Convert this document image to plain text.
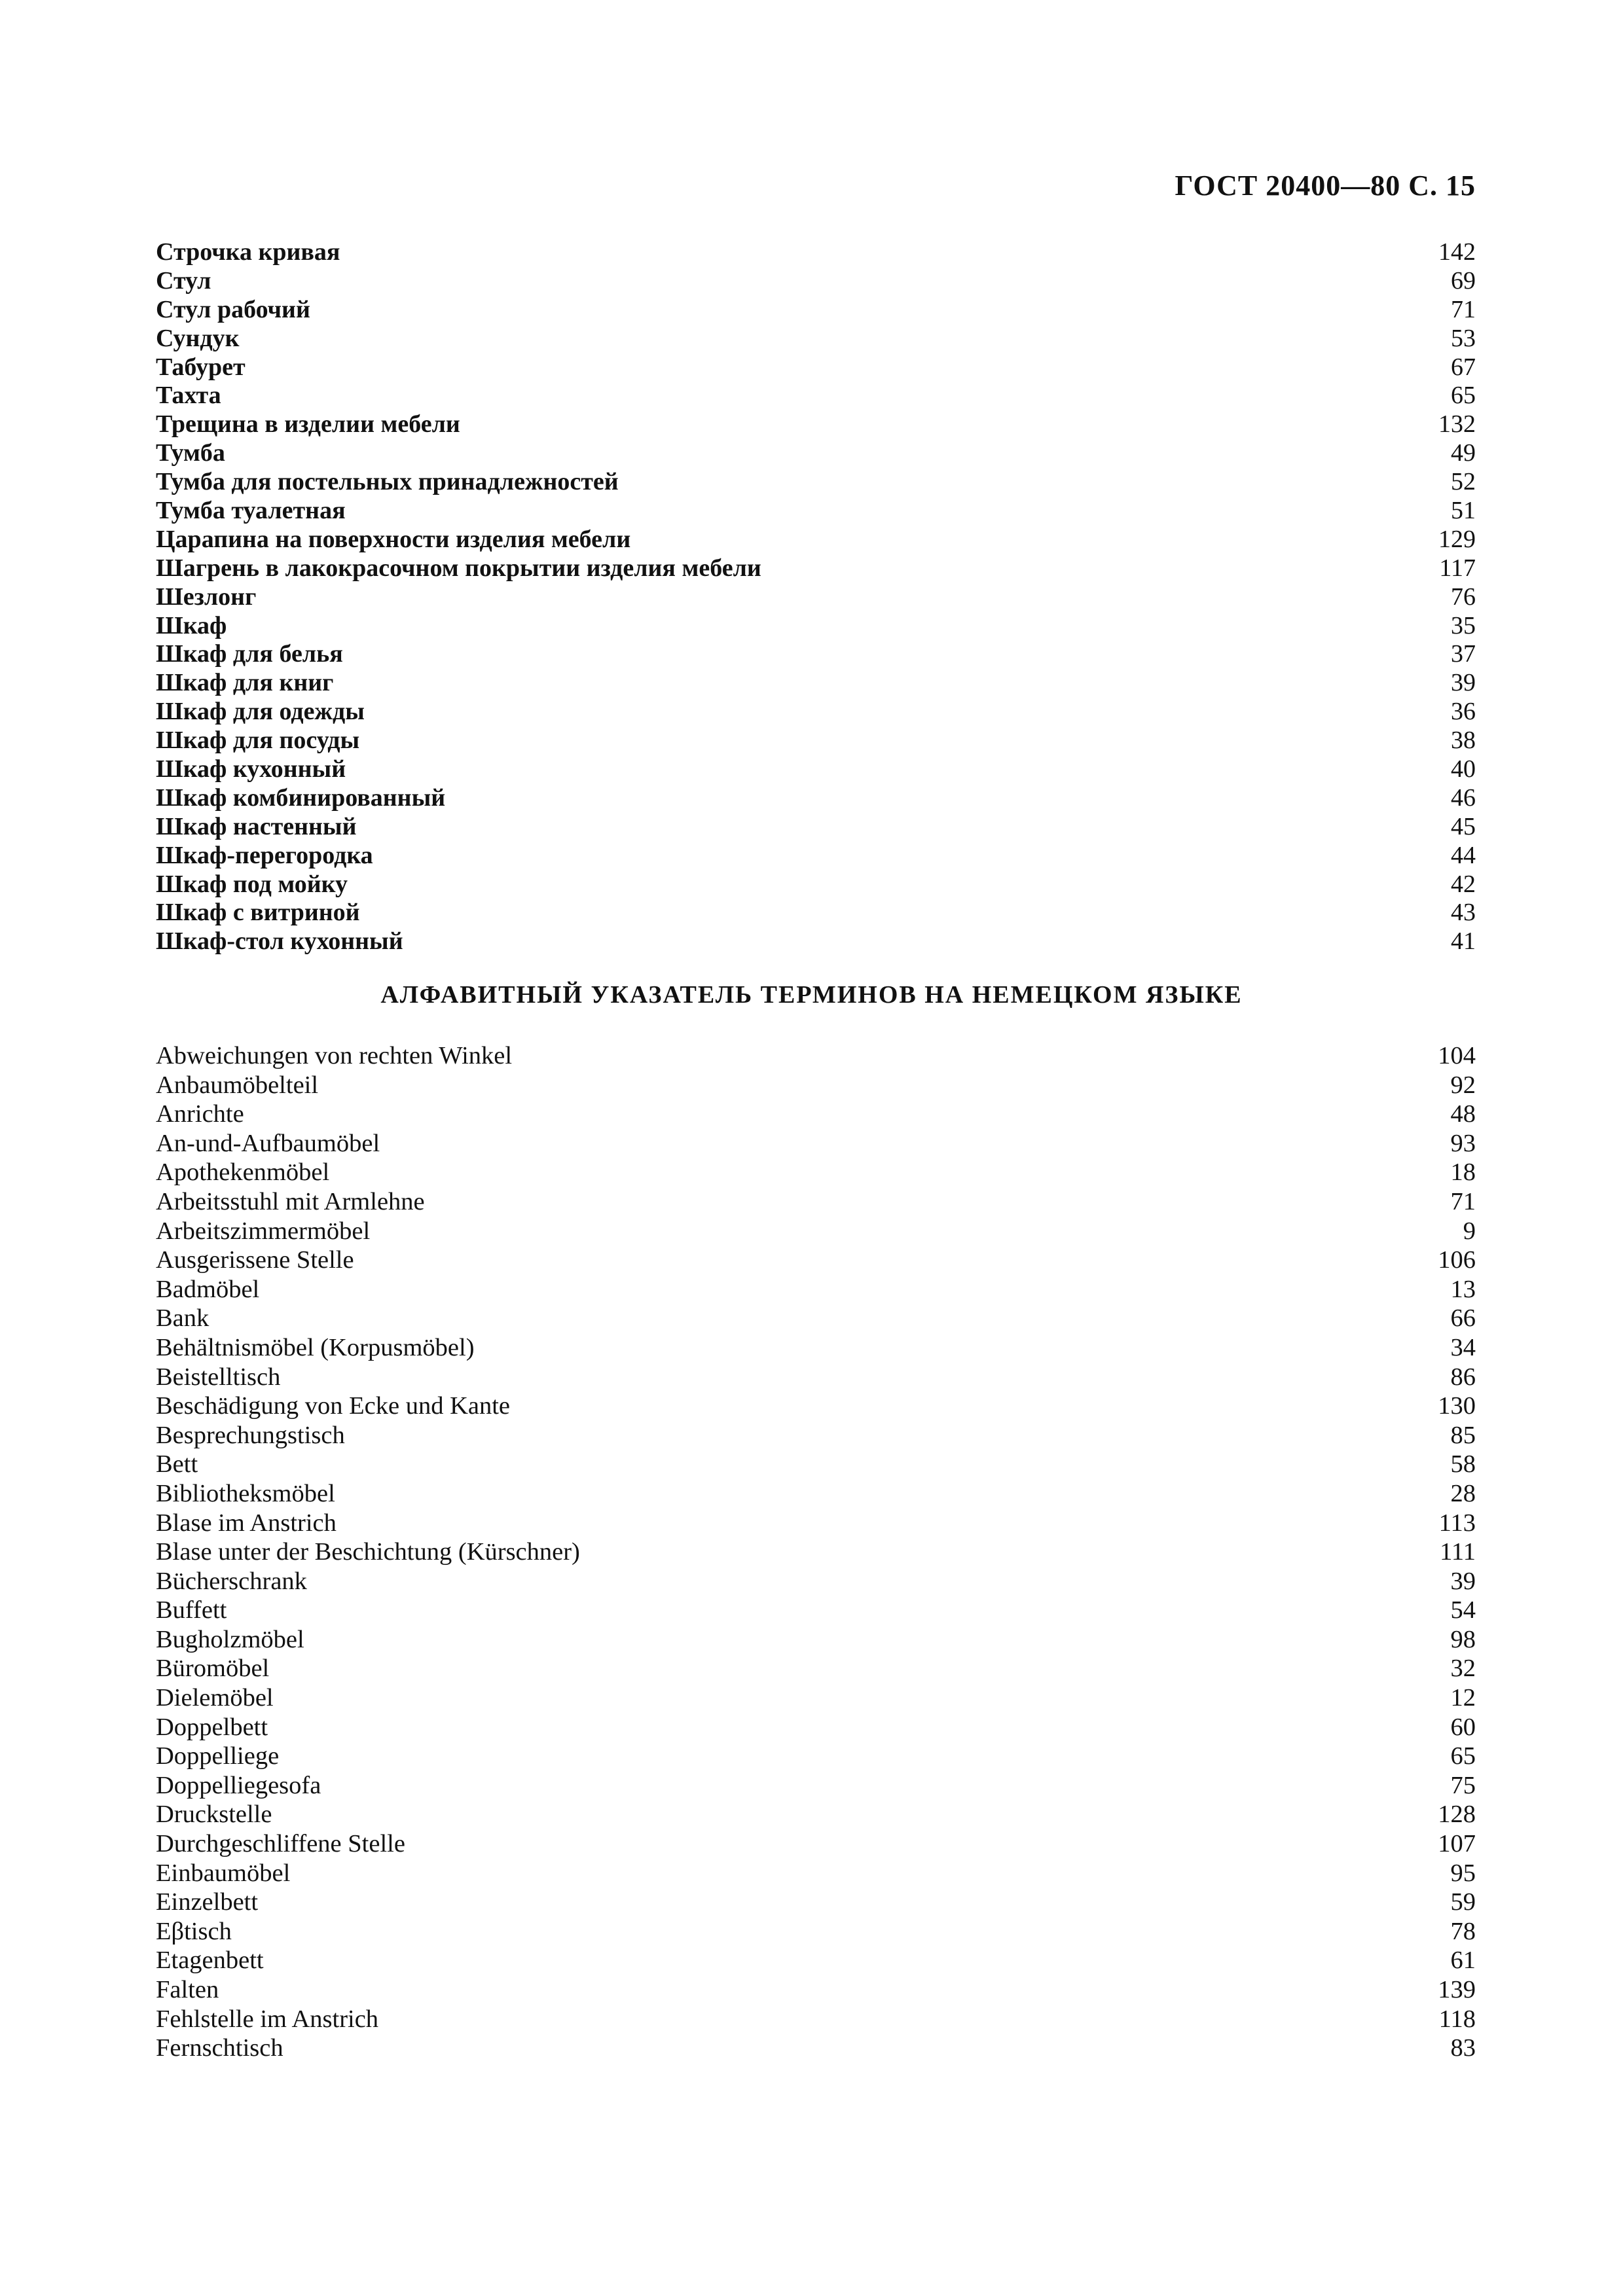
ГОСТ 20400—80 С. 15
Строчка кривая	142
Стул	69
Стул рабочий	71
Сундук	53
Табурет	67
Тахта	65
Трещина в изделии мебели	132
Тумба	49
Тумба для постельных принадлежностей	52
Тумба туалетная	51
Царапина на поверхности изделия мебели	129
Шагрень в лакокрасочном покрытии изделия мебели	117
Шезлонг	76
Шкаф	35
Шкаф для белья	37
Шкаф для книг	39
Шкаф для одежды	36
Шкаф для посуды	38
Шкаф кухонный	40
Шкаф комбинированный	46
Шкаф настенный	45
Шкаф-перегородка	44
Шкаф под мойку	42
Шкаф с витриной	43
Шкаф-стол кухонный	41
АЛФАВИТНЫЙ УКАЗАТЕЛЬ ТЕРМИНОВ НА НЕМЕЦКОМ ЯЗЫКЕ
Abweichungen von rechten Winkel	104
Anbaumöbelteil	92
Anrichte	48
An-und-Aufbaumöbel	93
Apothekenmöbel	18
Arbeitsstuhl mit Armlehne	71
Arbeitszimmermöbel	9
Ausgerissene Stelle	106
Badmöbel	13
Bank	66
Behältnismöbel (Korpusmöbel)	34
Beistelltisch	86
Beschädigung von Ecke und Kante	130
Besprechungstisch	85
Bett	58
Bibliotheksmöbel	28
Blase im Anstrich	113
Blase unter der Beschichtung (Kürschner)	111
Bücherschrank	39
Buffett	54
Bugholzmöbel	98
Büromöbel	32
Dielemöbel	12
Doppelbett	60
Doppelliege	65
Doppelliegesofa	75
Druckstelle	128
Durchgeschliffene Stelle	107
Einbaumöbel	95
Einzelbett	59
Eβtisch	78
Etagenbett	61
Falten	139
Fehlstelle im Anstrich	118
Fernschtisch	83
